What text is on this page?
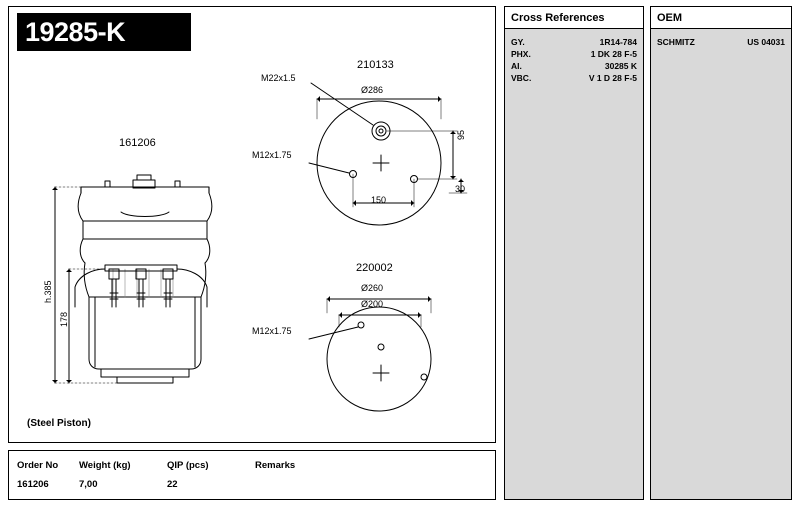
19285-K
161206
h.385
178
210133
M22x1.5
M12x1.75
Ø286
150
95
30
220002
M12x1.75
Ø260
Ø200
(Steel Piston)
Order No	Weight (kg)	QIP (pcs)	Remarks
161206	7,00	22
Cross References
GY.	1R14-784
PHX.	1 DK 28 F-5
AI.	30285 K
VBC.	V 1 D 28 F-5
OEM
SCHMITZ	US 04031
